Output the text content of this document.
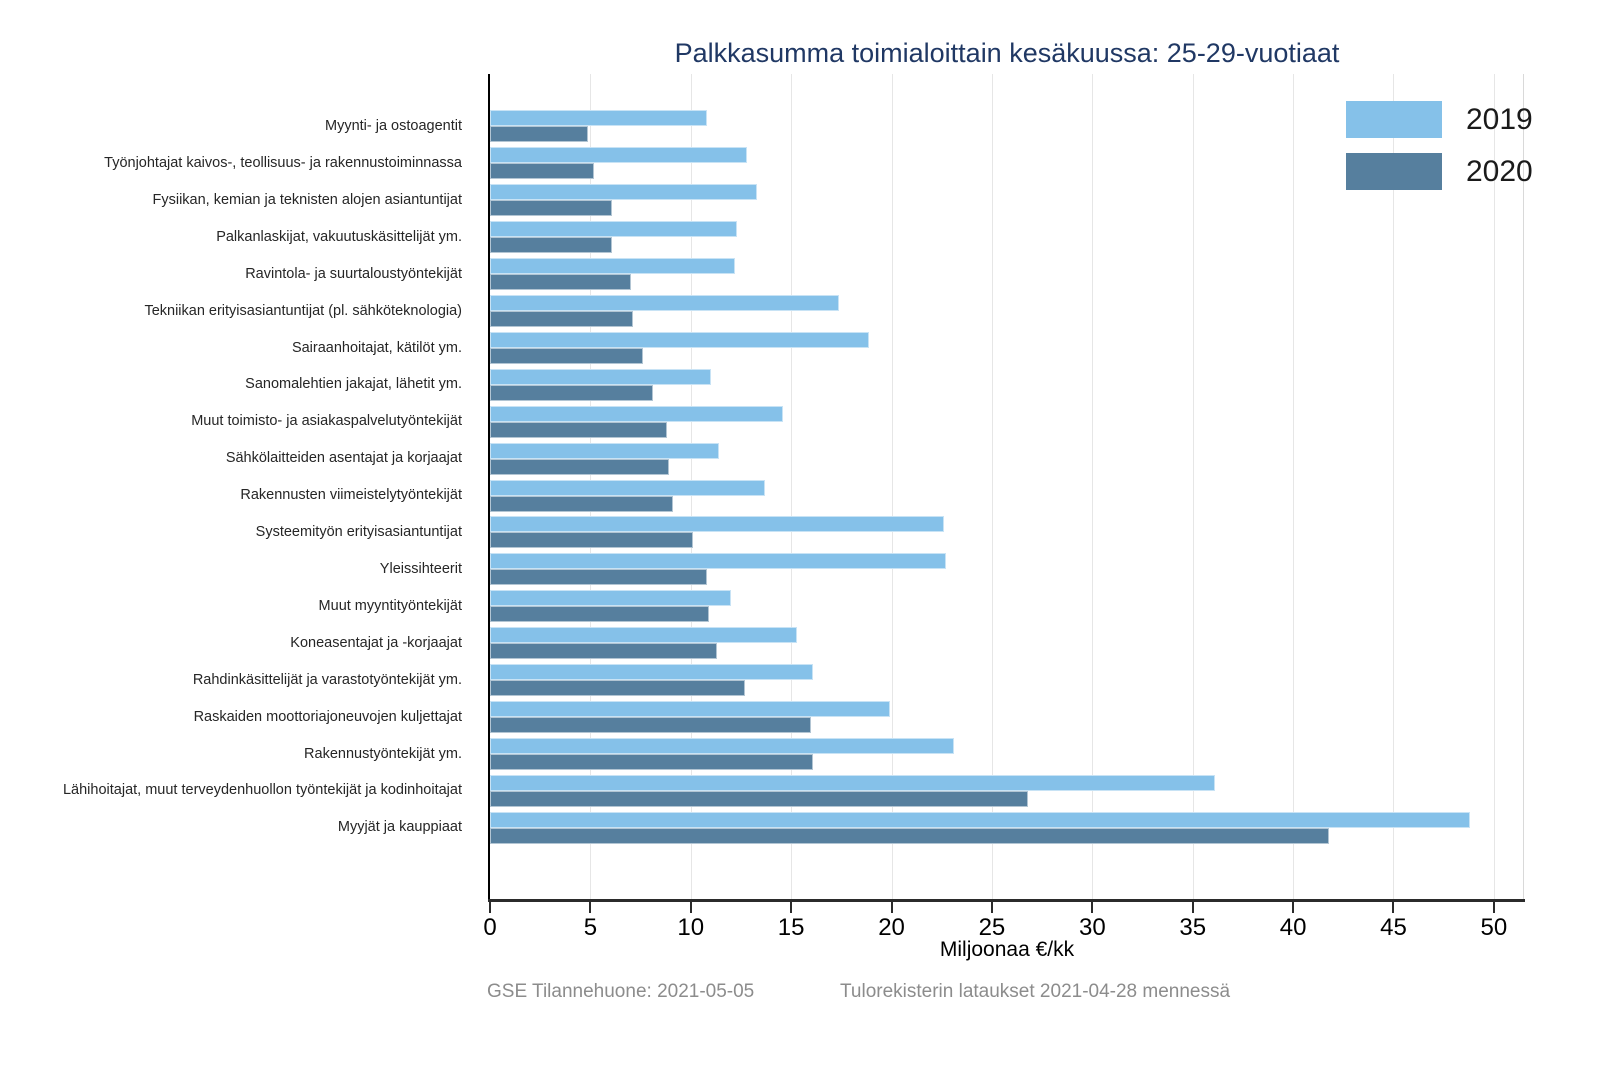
Palkkasumma toimialoittain kesäkuussa: 25-29-vuotiaat
Myynti- ja ostoagentit
Työnjohtajat kaivos-, teollisuus- ja rakennustoiminnassa
Fysiikan, kemian ja teknisten alojen asiantuntijat
Palkanlaskijat, vakuutuskäsittelijät ym.
Ravintola- ja suurtaloustyöntekijät
Tekniikan erityisasiantuntijat (pl. sähköteknologia)
Sairaanhoitajat, kätilöt ym.
Sanomalehtien jakajat, lähetit ym.
Muut toimisto- ja asiakaspalvelutyöntekijät
Sähkölaitteiden asentajat ja korjaajat
Rakennusten viimeistelytyöntekijät
Systeemityön erityisasiantuntijat
Yleissihteerit
Muut myyntityöntekijät
Koneasentajat ja -korjaajat
Rahdinkäsittelijät ja varastotyöntekijät ym.
Raskaiden moottoriajoneuvojen kuljettajat
Rakennustyöntekijät ym.
Lähihoitajat, muut terveydenhuollon työntekijät ja kodinhoitajat
Myyjät ja kauppiaat
0	5	10	15	20	25	30	35	40	45	50
Miljoonaa €/kk
2019
2020
GSE Tilannehuone: 2021-05-05	Tulorekisterin lataukset 2021-04-28 mennessä
